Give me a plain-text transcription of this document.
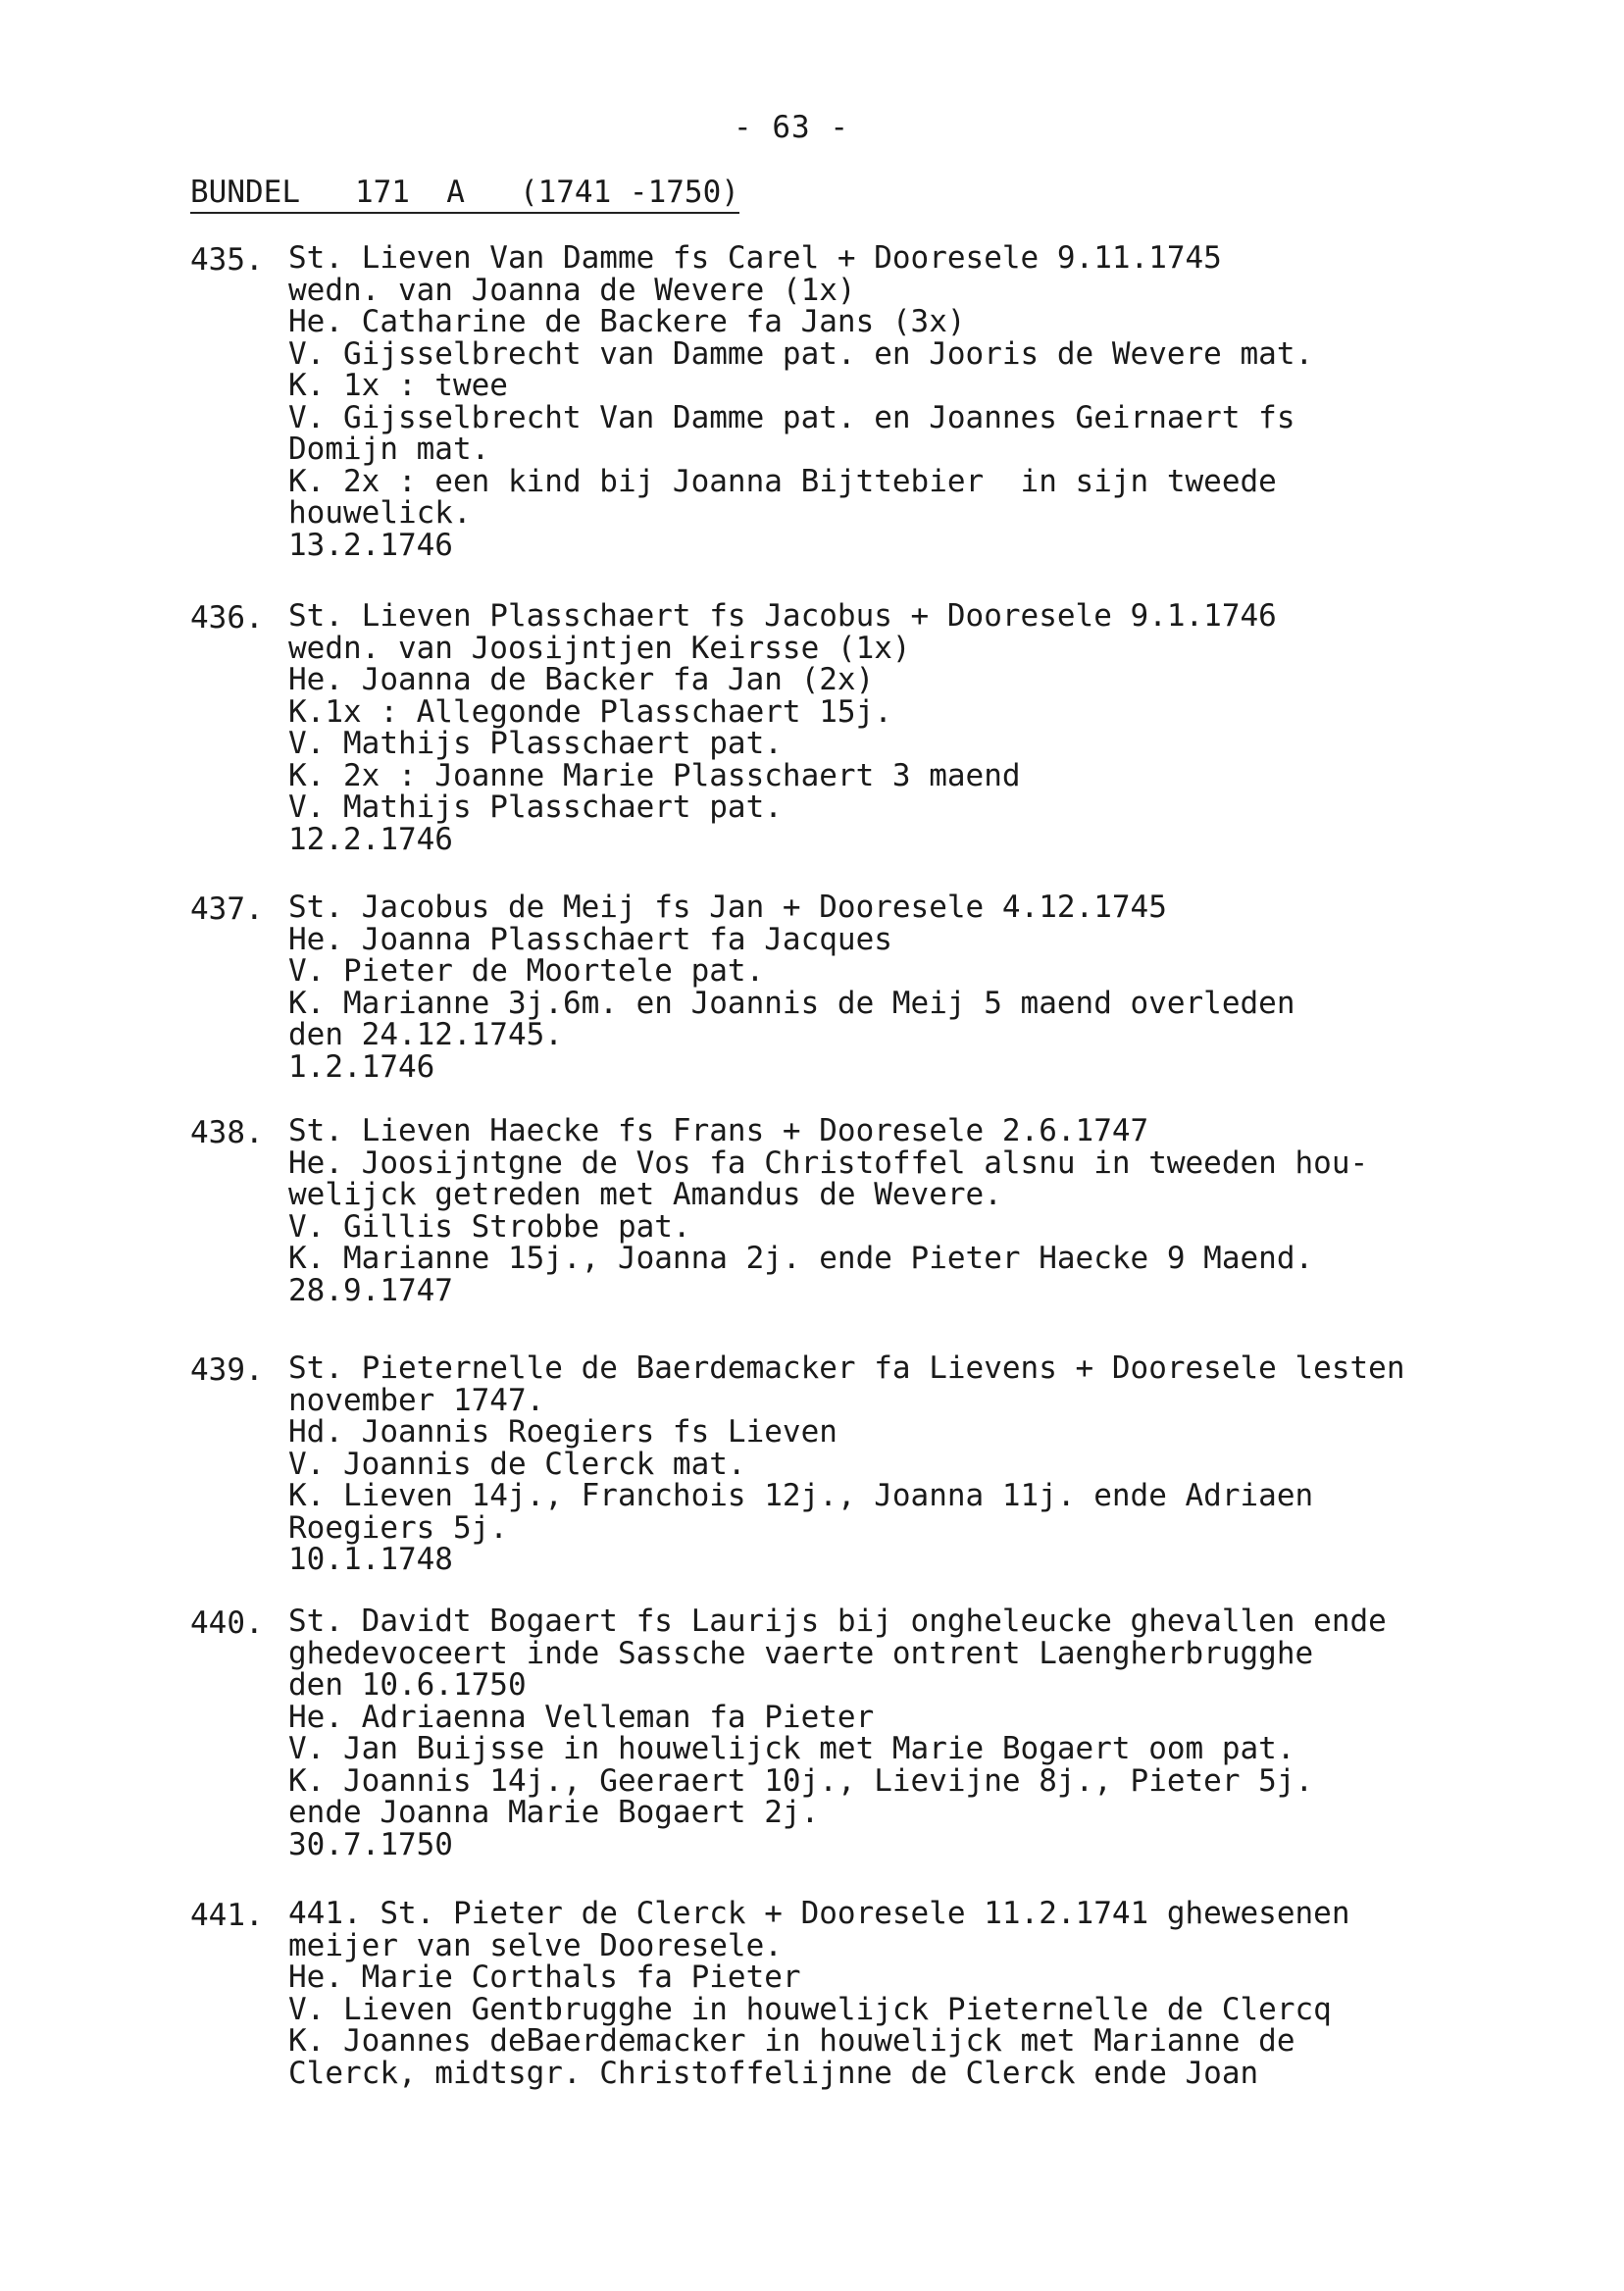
- 63 -
BUNDEL   171  A   (1741 -1750)
435. St. Lieven Van Damme fs Carel + Dooresele 9.11.1745
wedn. van Joanna de Wevere (1x)
He. Catharine de Backere fa Jans (3x)
V. Gijsselbrecht van Damme pat. en Jooris de Wevere mat.
K. 1x : twee
V. Gijsselbrecht Van Damme pat. en Joannes Geirnaert fs
Domijn mat.
K. 2x : een kind bij Joanna Bijttebier  in sijn tweede
houwelick.
13.2.1746
436. St. Lieven Plasschaert fs Jacobus + Dooresele 9.1.1746
wedn. van Joosijntjen Keirsse (1x)
He. Joanna de Backer fa Jan (2x)
K.1x : Allegonde Plasschaert 15j.
V. Mathijs Plasschaert pat.
K. 2x : Joanne Marie Plasschaert 3 maend
V. Mathijs Plasschaert pat.
12.2.1746
437. St. Jacobus de Meij fs Jan + Dooresele 4.12.1745
He. Joanna Plasschaert fa Jacques
V. Pieter de Moortele pat.
K. Marianne 3j.6m. en Joannis de Meij 5 maend overleden
den 24.12.1745.
1.2.1746
438. St. Lieven Haecke fs Frans + Dooresele 2.6.1747
He. Joosijntgne de Vos fa Christoffel alsnu in tweeden hou-
welijck getreden met Amandus de Wevere.
V. Gillis Strobbe pat.
K. Marianne 15j., Joanna 2j. ende Pieter Haecke 9 Maend.
28.9.1747
439. St. Pieternelle de Baerdemacker fa Lievens + Dooresele lesten
november 1747.
Hd. Joannis Roegiers fs Lieven
V. Joannis de Clerck mat.
K. Lieven 14j., Franchois 12j., Joanna 11j. ende Adriaen
Roegiers 5j.
10.1.1748
440. St. Davidt Bogaert fs Laurijs bij ongheleucke ghevallen ende
ghedevoceert inde Sassche vaerte ontrent Laengherbrugghe
den 10.6.1750
He. Adriaenna Velleman fa Pieter
V. Jan Buijsse in houwelijck met Marie Bogaert oom pat.
K. Joannis 14j., Geeraert 10j., Lievijne 8j., Pieter 5j.
ende Joanna Marie Bogaert 2j.
30.7.1750
441. 441. St. Pieter de Clerck + Dooresele 11.2.1741 ghewesenen
meijer van selve Dooresele.
He. Marie Corthals fa Pieter
V. Lieven Gentbrugghe in houwelijck Pieternelle de Clercq
K. Joannes deBaerdemacker in houwelijck met Marianne de
Clerck, midtsgr. Christoffelijnne de Clerck ende Joan
